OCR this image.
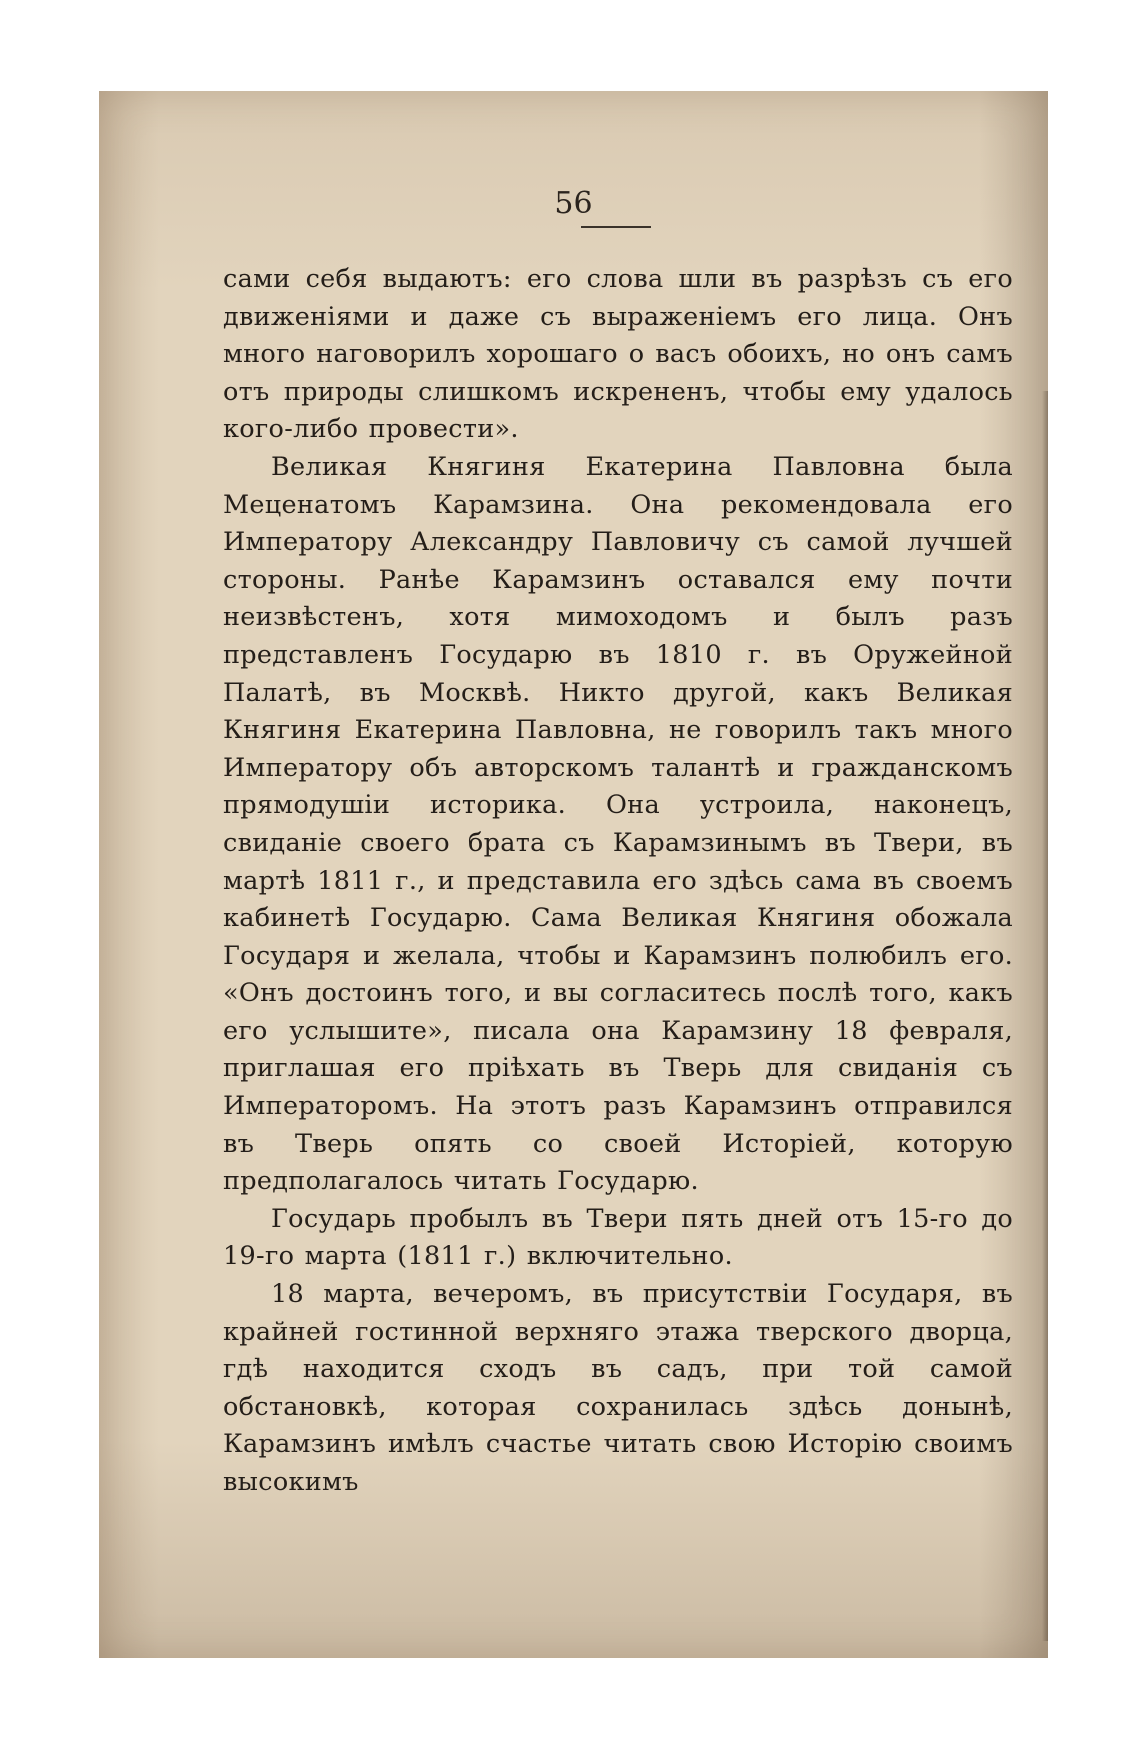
56

сами себя выдаютъ: его слова шли въ разрѣзъ съ его движеніями и даже съ выраженіемъ его лица. Онъ много наговорилъ хорошаго о васъ обоихъ, но онъ самъ отъ природы слишкомъ искрененъ, чтобы ему удалось кого-либо провести».

Великая Княгиня Екатерина Павловна была Меценатомъ Карамзина. Она рекомендовала его Императору Александру Павловичу съ самой лучшей стороны. Ранѣе Карамзинъ оставался ему почти неизвѣстенъ, хотя мимоходомъ и былъ разъ представленъ Государю въ 1810 г. въ Оружейной Палатѣ, въ Москвѣ. Никто другой, какъ Великая Княгиня Екатерина Павловна, не говорилъ такъ много Императору объ авторскомъ талантѣ и гражданскомъ прямодушіи историка. Она устроила, наконецъ, свиданіе своего брата съ Карамзинымъ въ Твери, въ мартѣ 1811 г., и представила его здѣсь сама въ своемъ кабинетѣ Государю. Сама Великая Княгиня обожала Государя и желала, чтобы и Карамзинъ полюбилъ его. «Онъ достоинъ того, и вы согласитесь послѣ того, какъ его услышите», писала она Карамзину 18 февраля, приглашая его пріѣхать въ Тверь для свиданія съ Императоромъ. На этотъ разъ Карамзинъ отправился въ Тверь опять со своей Исторіей, которую предполагалось читать Государю.

Государь пробылъ въ Твери пять дней отъ 15-го до 19-го марта (1811 г.) включительно.

18 марта, вечеромъ, въ присутствіи Государя, въ крайней гостинной верхняго этажа тверского дворца, гдѣ находится сходъ въ садъ, при той самой обстановкѣ, которая сохранилась здѣсь донынѣ, Карамзинъ имѣлъ счастье читать свою Исторію своимъ высокимъ
